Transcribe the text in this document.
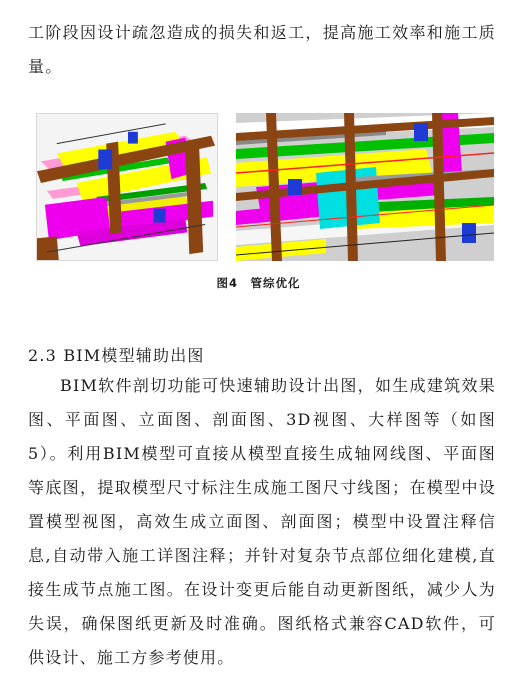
工阶段因设计疏忽造成的损失和返工，提高施工效率和施工质量。

图4　管综优化
2.3 BIM模型辅助出图

BIM软件剖切功能可快速辅助设计出图，如生成建筑效果图、平面图、立面图、剖面图、3D视图、大样图等（如图5）。利用BIM模型可直接从模型直接生成轴网线图、平面图等底图，提取模型尺寸标注生成施工图尺寸线图；在模型中设置模型视图，高效生成立面图、剖面图；模型中设置注释信息,自动带入施工详图注释；并针对复杂节点部位细化建模,直接生成节点施工图。在设计变更后能自动更新图纸，减少人为失误，确保图纸更新及时准确。图纸格式兼容CAD软件，可供设计、施工方参考使用。
